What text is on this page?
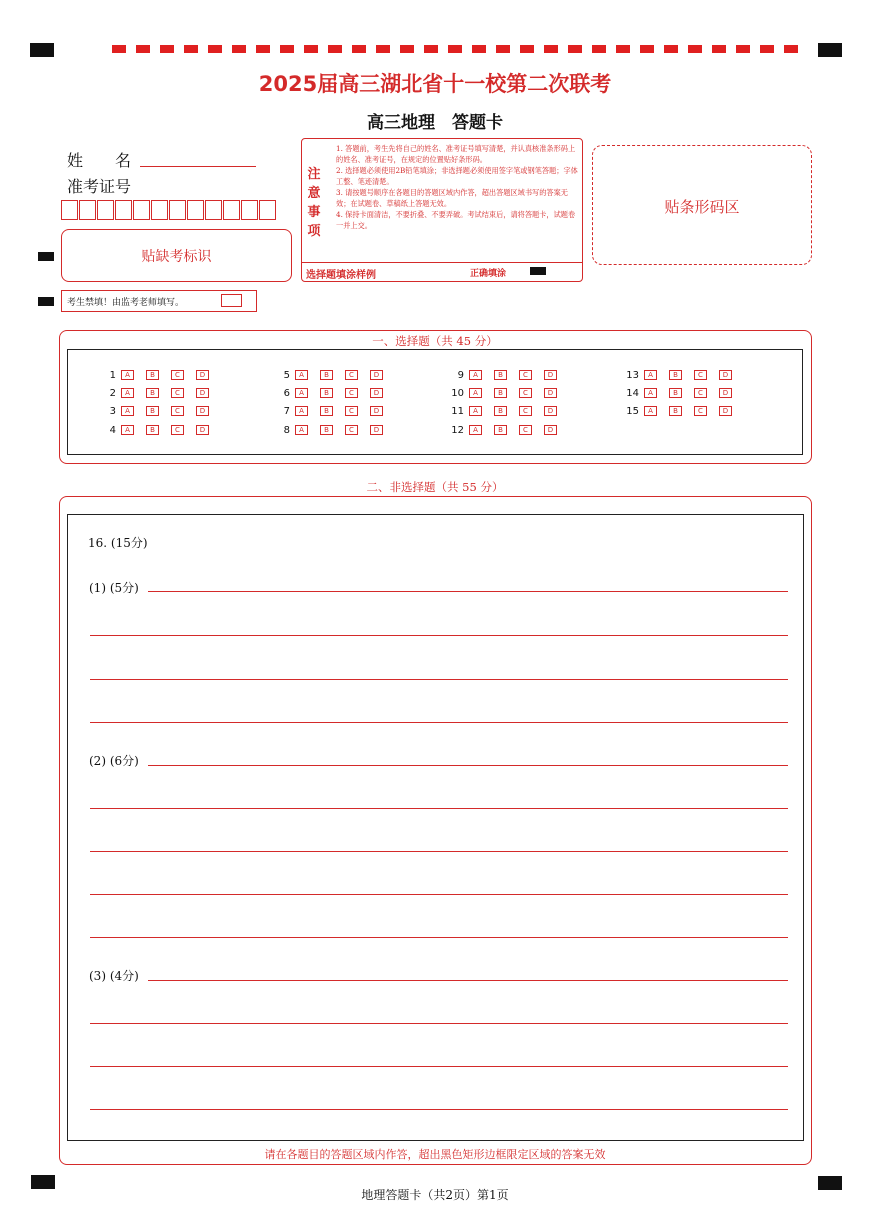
2025届高三湖北省十一校第二次联考
高三地理　答题卡
姓　　名
准考证号
贴缺考标识
考生禁填！由监考老师填写。
注
意
事
项

1. 答题前，考生先将自己的姓名、准考证号填写清楚，并认真核准条形码上的姓名、准考证号，在规定的位置贴好条形码。

2. 选择题必须使用2B铅笔填涂；非选择题必须使用签字笔或钢笔答题；字体工整、笔迹清楚。

3. 请按题号顺序在各题目的答题区域内作答，超出答题区域书写的答案无效；在试题卷、草稿纸上答题无效。

4. 保持卡面清洁，不要折叠、不要弄破。考试结束后，请将答题卡，试题卷一并上交。

选择题填涂样例	正确填涂
贴条形码区
一、选择题（共 45 分）
1 A	B	C	D
2 A	B	C	D
3 A	B	C	D
4 A	B	C	D
5 A	B	C	D
6 A	B	C	D
7 A	B	C	D
8 A	B	C	D
9 A	B	C	D
10 A	B	C	D
11 A	B	C	D
12 A	B	C	D
13 A	B	C	D
14 A	B	C	D
15 A	B	C	D
二、非选择题（共 55 分）
16. (15分)
(1) (5分)
(2) (6分)
(3) (4分)
请在各题目的答题区域内作答，超出黑色矩形边框限定区域的答案无效
地理答题卡（共2页）第1页
